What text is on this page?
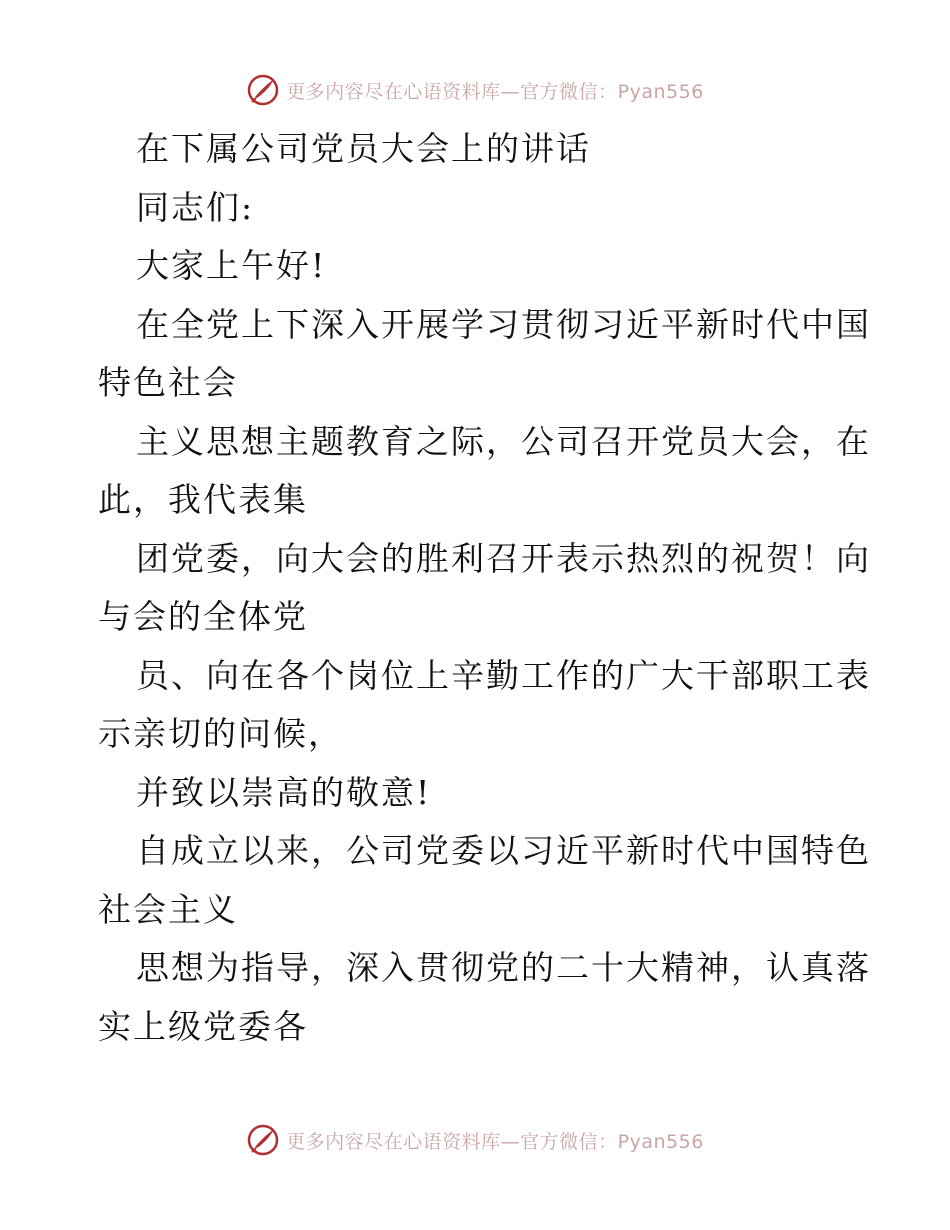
更多内容尽在心语资料库—官方微信：Pyan556
在下属公司党员大会上的讲话
同志们:
大家上午好!
在全党上下深入开展学习贯彻习近平新时代中国
特色社会
主义思想主题教育之际，公司召开党员大会，在
此，我代表集
团党委，向大会的胜利召开表示热烈的祝贺！向
与会的全体党
员、向在各个岗位上辛勤工作的广大干部职工表
示亲切的问候，
并致以崇高的敬意!
自成立以来，公司党委以习近平新时代中国特色
社会主义
思想为指导，深入贯彻党的二十大精神，认真落
实上级党委各
更多内容尽在心语资料库—官方微信：Pyan556
